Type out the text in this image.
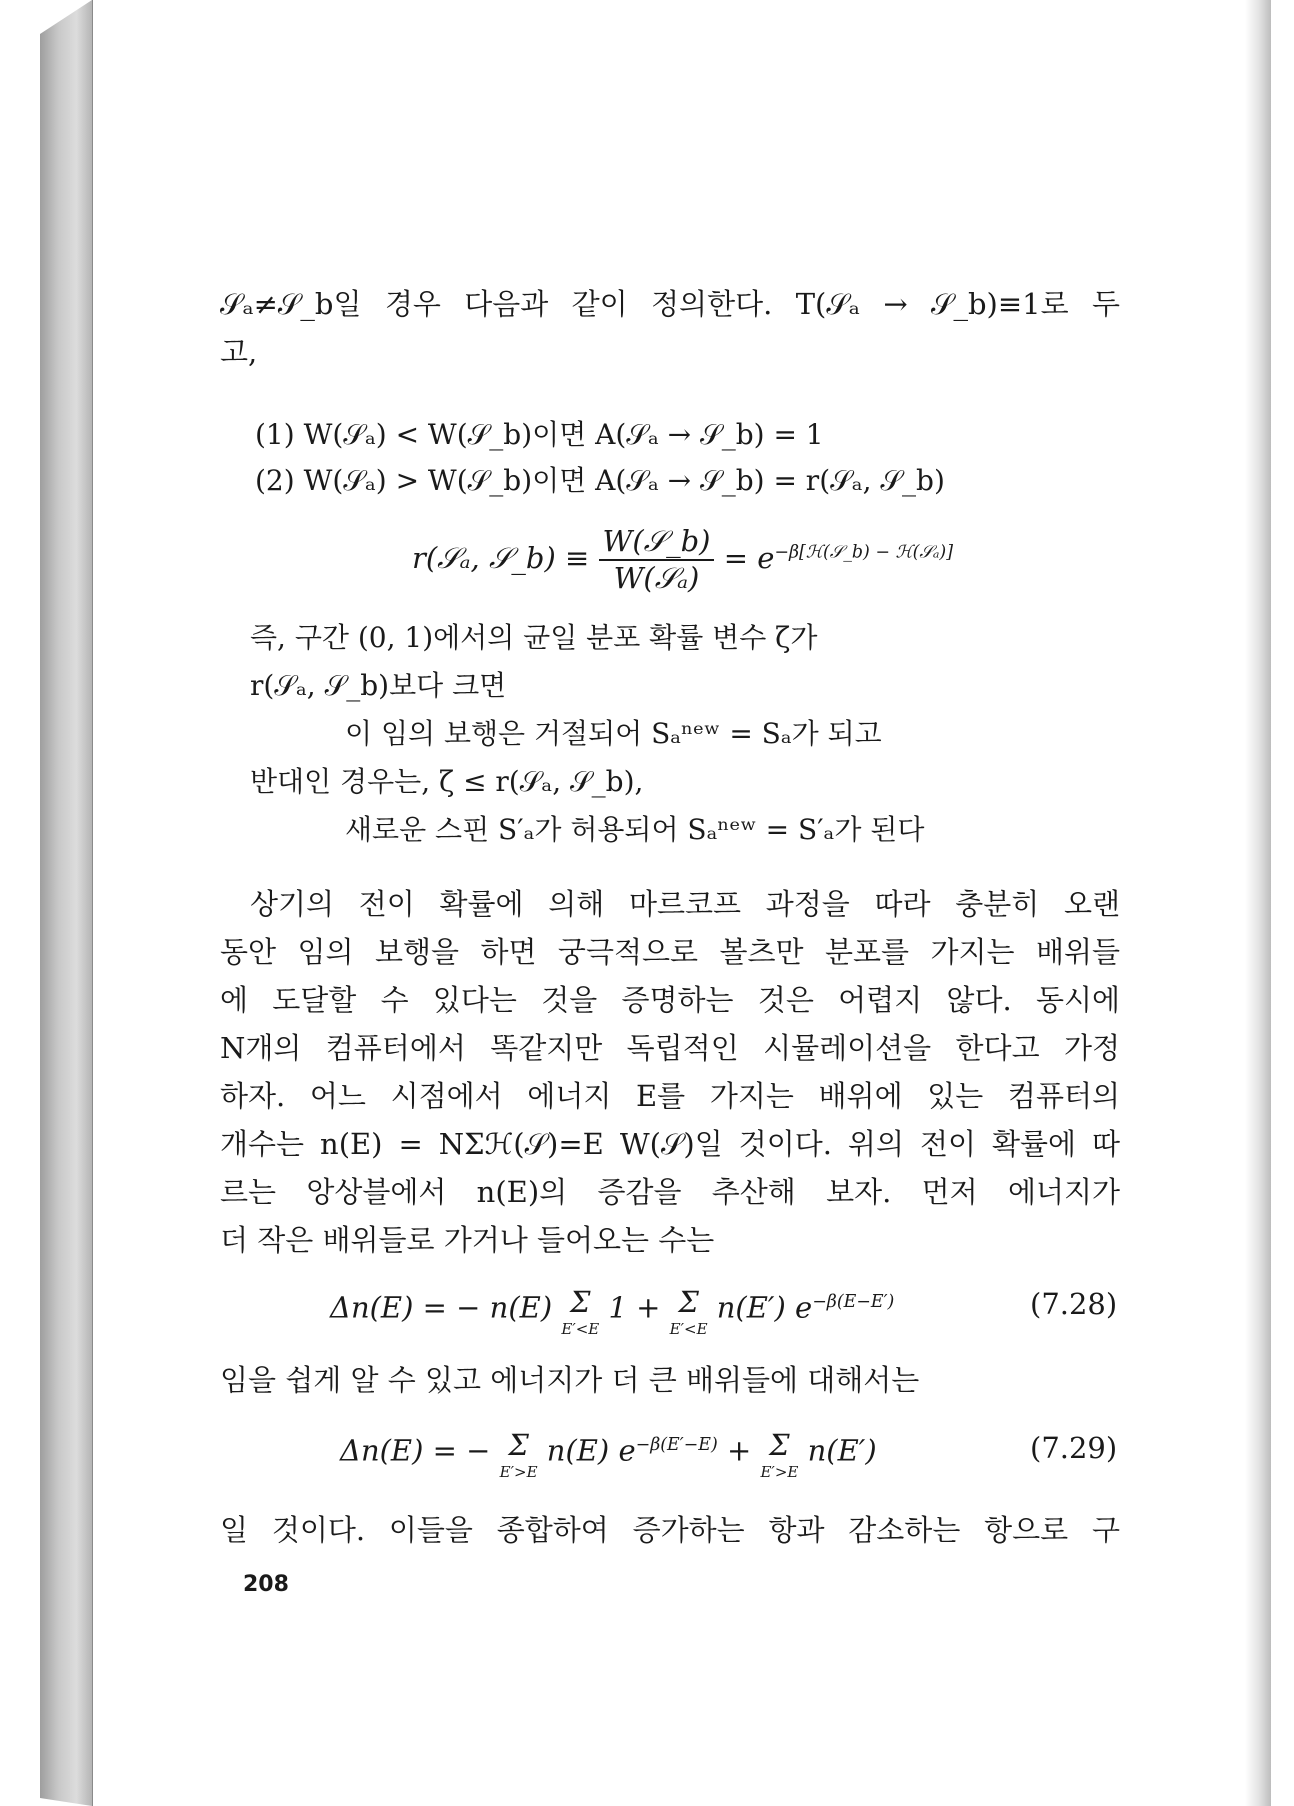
𝒮ₐ≠𝒮_b일 경우 다음과 같이 정의한다. T(𝒮ₐ → 𝒮_b)≡1로 두
고,
(1) W(𝒮ₐ) < W(𝒮_b)이면 A(𝒮ₐ → 𝒮_b) = 1
(2) W(𝒮ₐ) > W(𝒮_b)이면 A(𝒮ₐ → 𝒮_b) = r(𝒮ₐ, 𝒮_b)
r(𝒮ₐ, 𝒮_b) ≡ $\frac{\text{W(𝒮\_b)}}{\text{W(𝒮ₐ)}} = e^{-\beta[ℋ(𝒮\_b) - ℋ(𝒮_a)]}$
즉, 구간 (0, 1)에서의 균일 분포 확률 변수 ζ가
r(𝒮ₐ, 𝒮_b)보다 크면
이 임의 보행은 거절되어 Sₐⁿᵉʷ = Sₐ가 되고
반대인 경우는, ζ ≤ r(𝒮ₐ, 𝒮_b),
새로운 스핀 S′ₐ가 허용되어 Sₐⁿᵉʷ = S′ₐ가 된다
상기의 전이 확률에 의해 마르코프 과정을 따라 충분히 오랜
동안 임의 보행을 하면 궁극적으로 볼츠만 분포를 가지는 배위들
에 도달할 수 있다는 것을 증명하는 것은 어렵지 않다. 동시에
N개의 컴퓨터에서 똑같지만 독립적인 시뮬레이션을 한다고 가정
하자. 어느 시점에서 에너지 E를 가지는 배위에 있는 컴퓨터의
개수는 n(E) = NΣℋ(𝒮)=E W(𝒮)일 것이다. 위의 전이 확률에 따
르는 앙상블에서 n(E)의 증감을 추산해 보자. 먼저 에너지가
더 작은 배위들로 가거나 들어오는 수는
Δn(E) = − n(E) Σ
E′<E
1 + Σ
E′<E
n(E′) $e^{-\beta(E-E')}$	(7.28)
임을 쉽게 알 수 있고 에너지가 더 큰 배위들에 대해서는
Δn(E) = − Σ
E′>E
n(E) $e^{-\beta(E'-E)} + \Sigma$
E′>E
n(E′)	(7.29)
일 것이다. 이들을 종합하여 증가하는 항과 감소하는 항으로 구
208
